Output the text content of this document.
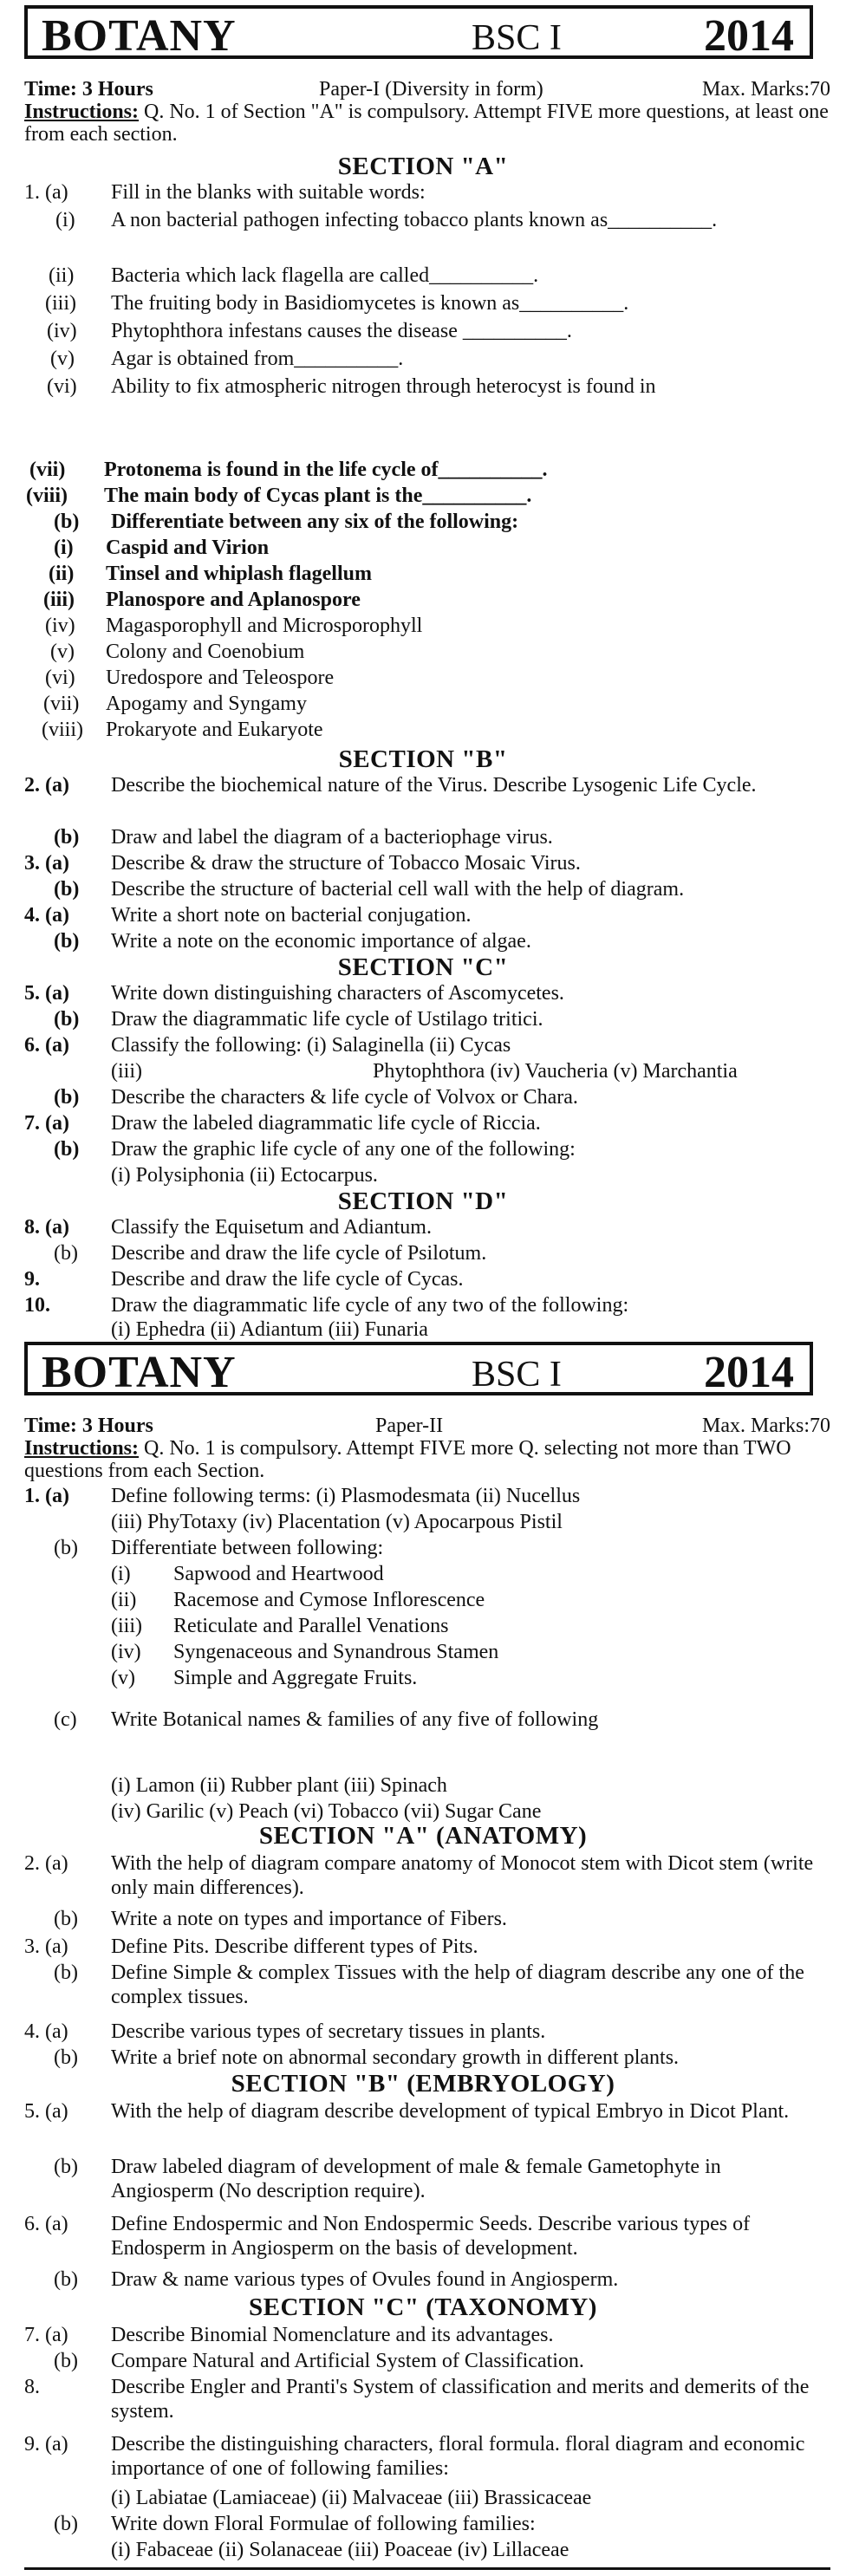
BOTANY	BSC I	2014
Time: 3 Hours	Paper-I (Diversity in form)	Max. Marks:70
Instructions: Q. No. 1 of Section "A" is compulsory. Attempt FIVE more questions, at least one from each section.
SECTION "A"
1. (a) Fill in the blanks with suitable words:
(i) A non bacterial pathogen infecting tobacco plants known as__________.
(ii) Bacteria which lack flagella are called__________.
(iii) The fruiting body in Basidiomycetes is known as__________.
(iv) Phytophthora infestans causes the disease __________.
(v) Agar is obtained from__________.
(vi) Ability to fix atmospheric nitrogen through heterocyst is found in
(vii) Protonema is found in the life cycle of__________.
(viii) The main body of Cycas plant is the__________.
(b) Differentiate between any six of the following:
(i) Caspid and Virion
(ii) Tinsel and whiplash flagellum
(iii) Planospore and Aplanospore
(iv) Magasporophyll and Microsporophyll
(v) Colony and Coenobium
(vi) Uredospore and Teleospore
(vii) Apogamy and Syngamy
(viii) Prokaryote and Eukaryote
SECTION "B"
2. (a) Describe the biochemical nature of the Virus. Describe Lysogenic Life Cycle.
(b) Draw and label the diagram of a bacteriophage virus.
3. (a) Describe & draw the structure of Tobacco Mosaic Virus.
(b) Describe the structure of bacterial cell wall with the help of diagram.
4. (a) Write a short note on bacterial conjugation.
(b) Write a note on the economic importance of algae.
SECTION "C"
5. (a) Write down distinguishing characters of Ascomycetes.
(b) Draw the diagrammatic life cycle of Ustilago tritici.
6. (a) Classify the following: (i) Salaginella (ii) Cycas
(iii)	Phytophthora (iv) Vaucheria (v) Marchantia
(b) Describe the characters & life cycle of Volvox or Chara.
7. (a) Draw the labeled diagrammatic life cycle of Riccia.
(b) Draw the graphic life cycle of any one of the following:
(i) Polysiphonia (ii) Ectocarpus.
SECTION "D"
8. (a) Classify the Equisetum and Adiantum.
(b) Describe and draw the life cycle of Psilotum.
9.	Describe and draw the life cycle of Cycas.
10.	Draw the diagrammatic life cycle of any two of the following:
(i) Ephedra (ii) Adiantum (iii) Funaria
BOTANY	BSC I	2014
Time: 3 Hours	Paper-II	Max. Marks:70
Instructions: Q. No. 1 is compulsory. Attempt FIVE more Q. selecting not more than TWO questions from each Section.
1. (a) Define following terms: (i) Plasmodesmata (ii) Nucellus
(iii) PhyTotaxy (iv) Placentation (v) Apocarpous Pistil
(b) Differentiate between following:
(i) Sapwood and Heartwood
(ii) Racemose and Cymose Inflorescence
(iii) Reticulate and Parallel Venations
(iv) Syngenaceous and Synandrous Stamen
(v) Simple and Aggregate Fruits.
(c) Write Botanical names & families of any five of following
(i) Lamon (ii) Rubber plant (iii) Spinach
(iv) Garilic (v) Peach (vi) Tobacco (vii) Sugar Cane
SECTION "A" (ANATOMY)
2. (a) With the help of diagram compare anatomy of Monocot stem with Dicot stem (write only main differences).
(b) Write a note on types and importance of Fibers.
3. (a) Define Pits. Describe different types of Pits.
(b) Define Simple & complex Tissues with the help of diagram describe any one of the complex tissues.
4. (a) Describe various types of secretary tissues in plants.
(b) Write a brief note on abnormal secondary growth in different plants.
SECTION "B" (EMBRYOLOGY)
5. (a) With the help of diagram describe development of typical Embryo in Dicot Plant.
(b) Draw labeled diagram of development of male & female Gametophyte in Angiosperm (No description require).
6. (a) Define Endospermic and Non Endospermic Seeds. Describe various types of Endosperm in Angiosperm on the basis of development.
(b) Draw & name various types of Ovules found in Angiosperm.
SECTION "C" (TAXONOMY)
7. (a) Describe Binomial Nomenclature and its advantages.
(b) Compare Natural and Artificial System of Classification.
8.	Describe Engler and Pranti's System of classification and merits and demerits of the system.
9. (a) Describe the distinguishing characters, floral formula. floral diagram and economic importance of one of following families:
(i) Labiatae (Lamiaceae) (ii) Malvaceae (iii) Brassicaceae
(b) Write down Floral Formulae of following families:
(i) Fabaceae (ii) Solanaceae (iii) Poaceae (iv) Lillaceae
